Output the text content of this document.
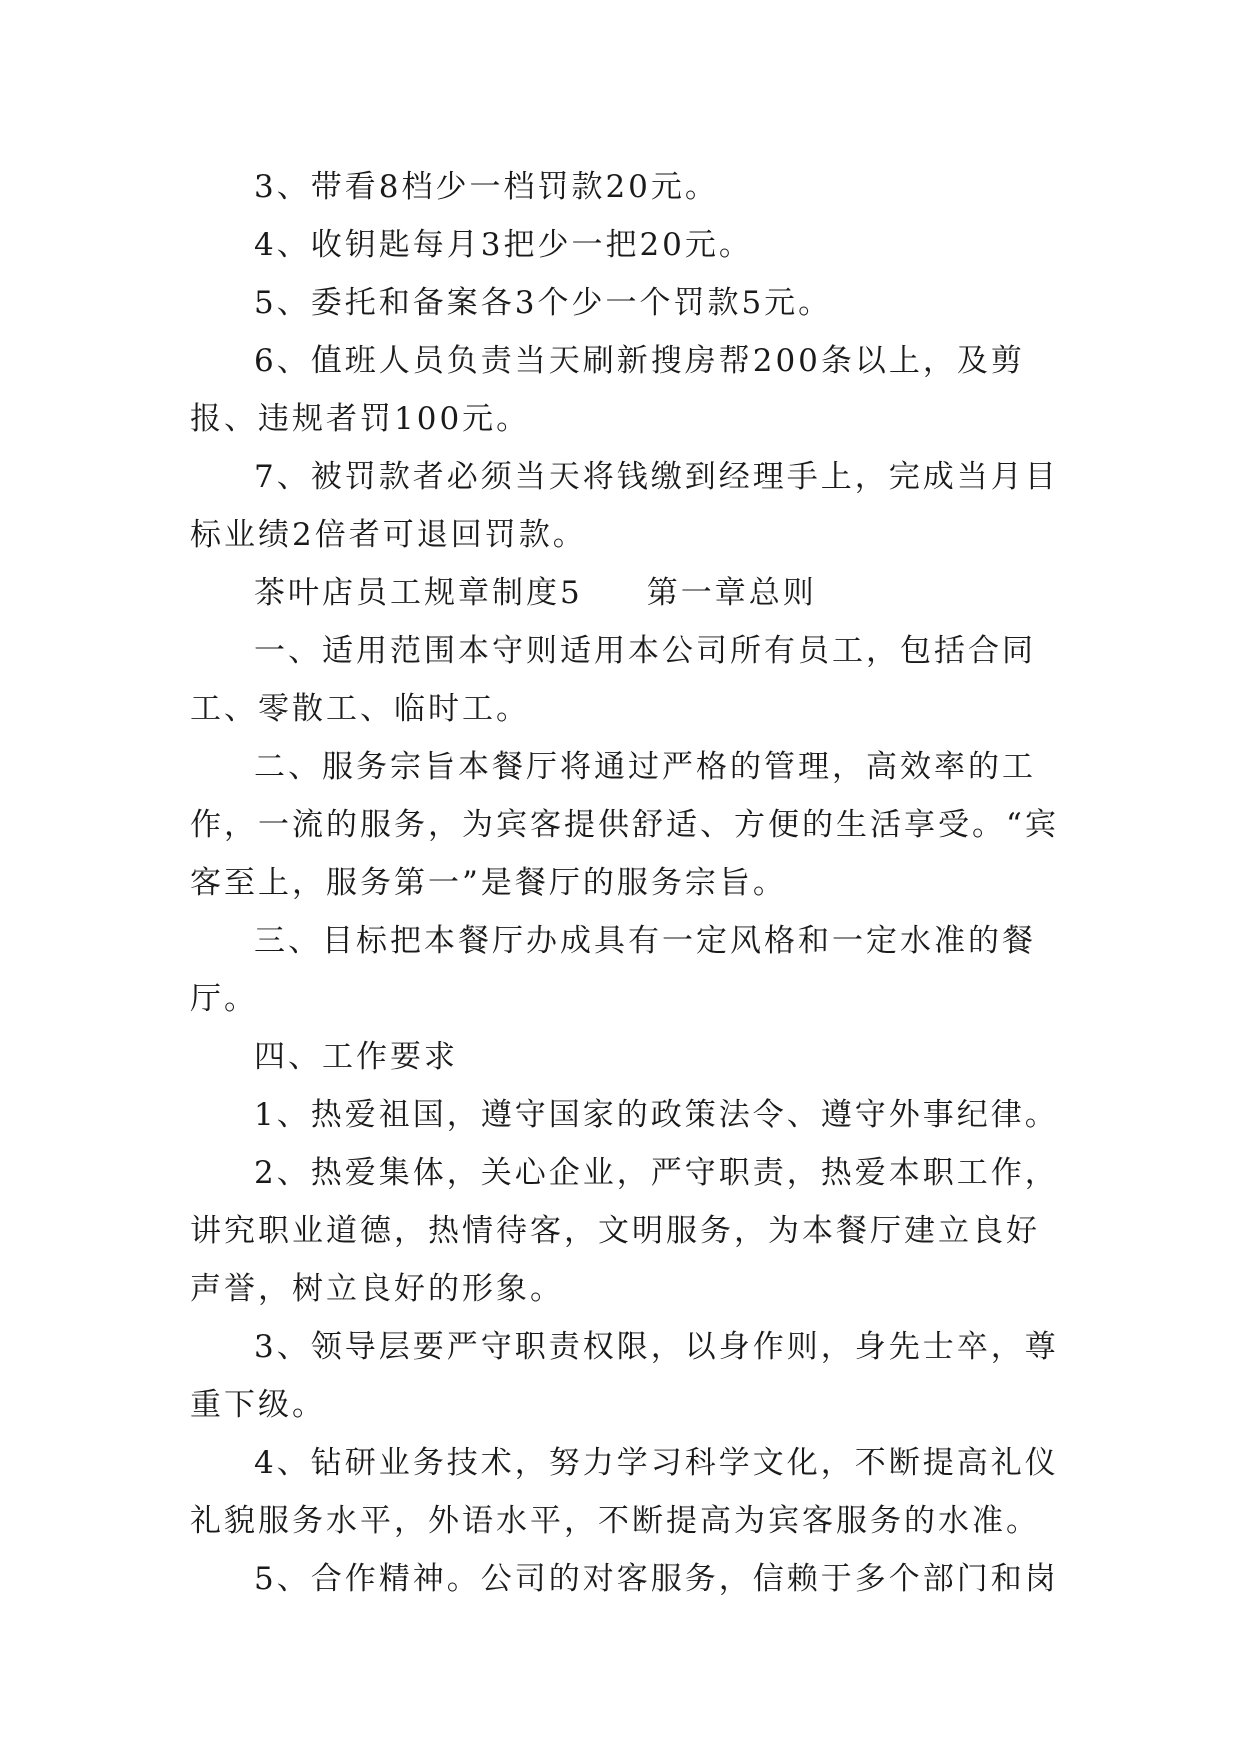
3、带看8档少一档罚款20元。

4、收钥匙每月3把少一把20元。

5、委托和备案各3个少一个罚款5元。

6、值班人员负责当天刷新搜房帮200条以上，及剪报、违规者罚100元。

7、被罚款者必须当天将钱缴到经理手上，完成当月目标业绩2倍者可退回罚款。

茶叶店员工规章制度5 第一章总则

一、适用范围本守则适用本公司所有员工，包括合同工、零散工、临时工。

二、服务宗旨本餐厅将通过严格的管理，高效率的工作，一流的服务，为宾客提供舒适、方便的生活享受。“宾客至上，服务第一”是餐厅的服务宗旨。

三、目标把本餐厅办成具有一定风格和一定水准的餐厅。

四、工作要求

1、热爱祖国，遵守国家的政策法令、遵守外事纪律。

2、热爱集体，关心企业，严守职责，热爱本职工作，讲究职业道德，热情待客，文明服务，为本餐厅建立良好声誉，树立良好的形象。

3、领导层要严守职责权限，以身作则，身先士卒，尊重下级。

4、钻研业务技术，努力学习科学文化，不断提高礼仪礼貌服务水平，外语水平，不断提高为宾客服务的水准。

5、合作精神。公司的对客服务，信赖于多个部门和岗
